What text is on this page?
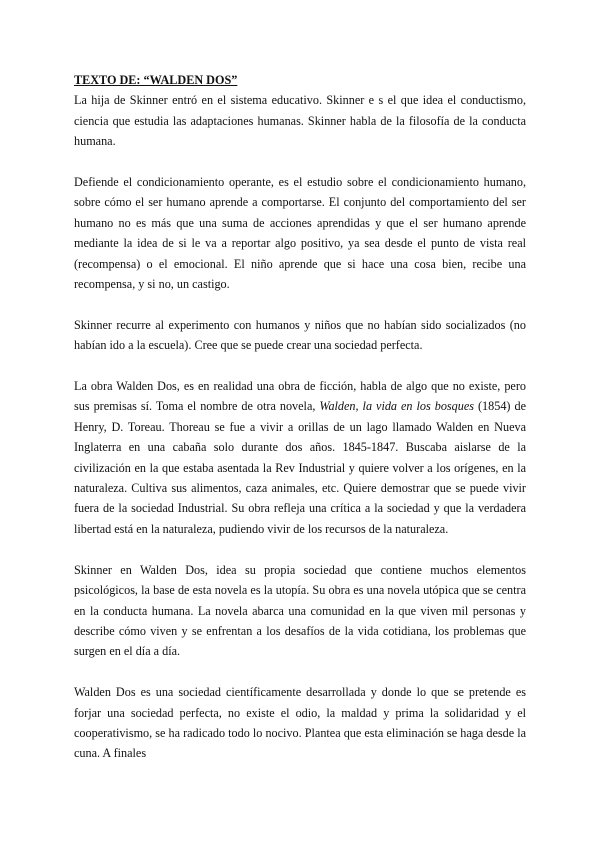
TEXTO DE: “WALDEN DOS”

La hija de Skinner entró en el sistema educativo. Skinner e s el que idea el conductismo, ciencia que estudia las adaptaciones humanas. Skinner habla de la filosofía de la conducta humana.

Defiende el condicionamiento operante, es el estudio sobre el condicionamiento humano, sobre cómo el ser humano aprende a comportarse. El conjunto del comportamiento del ser humano no es más que una suma de acciones aprendidas y que el ser humano aprende mediante la idea de si le va a reportar algo positivo, ya sea desde el punto de vista real (recompensa) o el emocional. El niño aprende que si hace una cosa bien, recibe una recompensa, y si no, un castigo.

Skinner recurre al experimento con humanos y niños que no habían sido socializados (no habían ido a la escuela). Cree que se puede crear una sociedad perfecta.

La obra Walden Dos, es en realidad una obra de ficción, habla de algo que no existe, pero sus premisas sí. Toma el nombre de otra novela, Walden, la vida en los bosques (1854) de Henry, D. Toreau. Thoreau se fue a vivir a orillas de un lago llamado Walden en Nueva Inglaterra en una cabaña solo durante dos años. 1845-1847. Buscaba aislarse de la civilización en la que estaba asentada la Rev Industrial y quiere volver a los orígenes, en la naturaleza. Cultiva sus alimentos, caza animales, etc. Quiere demostrar que se puede vivir fuera de la sociedad Industrial. Su obra refleja una crítica a la sociedad y que la verdadera libertad está en la naturaleza, pudiendo vivir de los recursos de la naturaleza.

Skinner en Walden Dos, idea su propia sociedad que contiene muchos elementos psicológicos, la base de esta novela es la utopía. Su obra es una novela utópica que se centra en la conducta humana. La novela abarca una comunidad en la que viven mil personas y describe cómo viven y se enfrentan a los desafíos de la vida cotidiana, los problemas que surgen en el día a día.

Walden Dos es una sociedad científicamente desarrollada y donde lo que se pretende es forjar una sociedad perfecta, no existe el odio, la maldad y prima la solidaridad y el cooperativismo, se ha radicado todo lo nocivo. Plantea que esta eliminación se haga desde la cuna. A finales
